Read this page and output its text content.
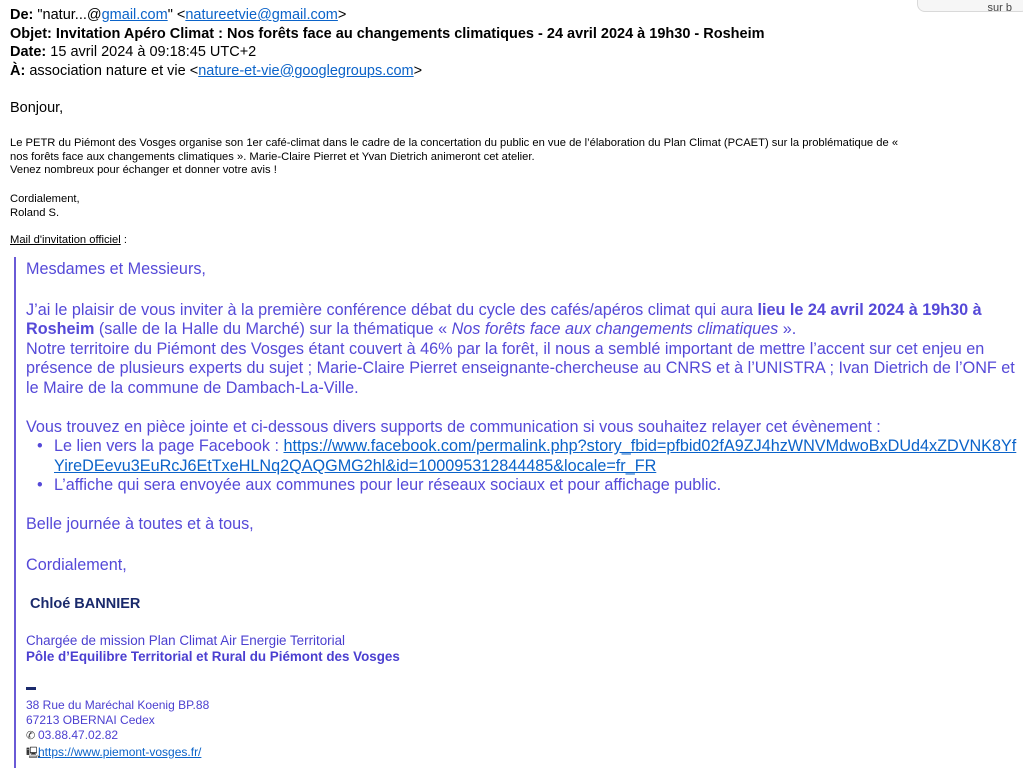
sur b
De: "natur...@gmail.com" <natureetvie@gmail.com>
Objet: Invitation Apéro Climat : Nos forêts face au changements climatiques - 24 avril 2024 à 19h30 - Rosheim
Date: 15 avril 2024 à 09:18:45 UTC+2
À: association nature et vie <nature-et-vie@googlegroups.com>
Bonjour,
Le PETR du Piémont des Vosges organise son 1er café-climat dans le cadre de la concertation du public en vue de l’élaboration du Plan Climat (PCAET) sur la problématique de «
nos forêts face aux changements climatiques ». Marie-Claire Pierret et Yvan Dietrich animeront cet atelier.
Venez nombreux pour échanger et donner votre avis !
Cordialement,
Roland S.
Mail d'invitation officiel :

Mesdames et Messieurs,

J’ai le plaisir de vous inviter à la première conférence débat du cycle des cafés/apéros climat qui aura lieu le 24 avril 2024 à 19h30 à Rosheim (salle de la Halle du Marché) sur la thématique « Nos forêts face aux changements climatiques ».

Notre territoire du Piémont des Vosges étant couvert à 46% par la forêt, il nous a semblé important de mettre l’accent sur cet enjeu en présence de plusieurs experts du sujet ; Marie-Claire Pierret enseignante-chercheuse au CNRS et à l’UNISTRA ; Ivan Dietrich de l’ONF et le Maire de la commune de Dambach-La-Ville.

Vous trouvez en pièce jointe et ci-dessous divers supports de communication si vous souhaitez relayer cet évènement :

• Le lien vers la page Facebook : https://www.facebook.com/permalink.php?story_fbid=pfbid02fA9ZJ4hzWNVMdwoBxDUd4xZDVNK8YfYireDEevu3EuRcJ6EtTxeHLNq2QAQGMG2hl&id=100095312844485&locale=fr_FR
• L’affiche qui sera envoyée aux communes pour leur réseaux sociaux et pour affichage public.

Belle journée à toutes et à tous,

Cordialement,

Chloé BANNIER
Chargée de mission Plan Climat Air Energie Territorial
Pôle d’Equilibre Territorial et Rural du Piémont des Vosges
38 Rue du Maréchal Koenig BP.88
67213 OBERNAI Cedex
✆ 03.88.47.02.82
🖳https://www.piemont-vosges.fr/
